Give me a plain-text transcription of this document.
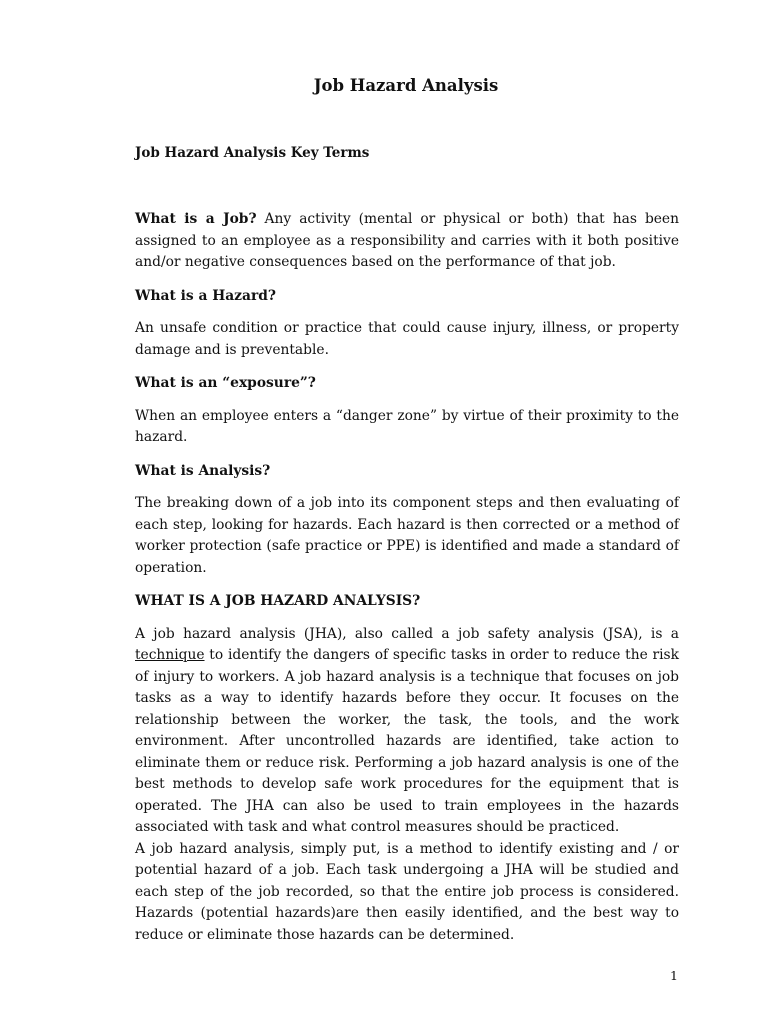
Job Hazard Analysis
Job Hazard Analysis Key Terms

What is a Job? Any activity (mental or physical or both) that has been assigned to an employee as a responsibility and carries with it both positive and/or negative consequences based on the performance of that job.

What is a Hazard?

An unsafe condition or practice that could cause injury, illness, or property damage and is preventable.

What is an “exposure”?

When an employee enters a “danger zone” by virtue of their proximity to the hazard.

What is Analysis?

The breaking down of a job into its component steps and then evaluating of each step, looking for hazards. Each hazard is then corrected or a method of worker protection (safe practice or PPE) is identified and made a standard of operation.

WHAT IS A JOB HAZARD ANALYSIS?

A job hazard analysis (JHA), also called a job safety analysis (JSA), is a technique to identify the dangers of specific tasks in order to reduce the risk of injury to workers. A job hazard analysis is a technique that focuses on job tasks as a way to identify hazards before they occur. It focuses on the relationship between the worker, the task, the tools, and the work environment. After uncontrolled hazards are identified, take action to eliminate them or reduce risk. Performing a job hazard analysis is one of the best methods to develop safe work procedures for the equipment that is operated. The JHA can also be used to train employees in the hazards associated with task and what control measures should be practiced.

A job hazard analysis, simply put, is a method to identify existing and / or potential hazard of a job. Each task undergoing a JHA will be studied and each step of the job recorded, so that the entire job process is considered. Hazards (potential hazards)are then easily identified, and the best way to reduce or eliminate those hazards can be determined.

1
